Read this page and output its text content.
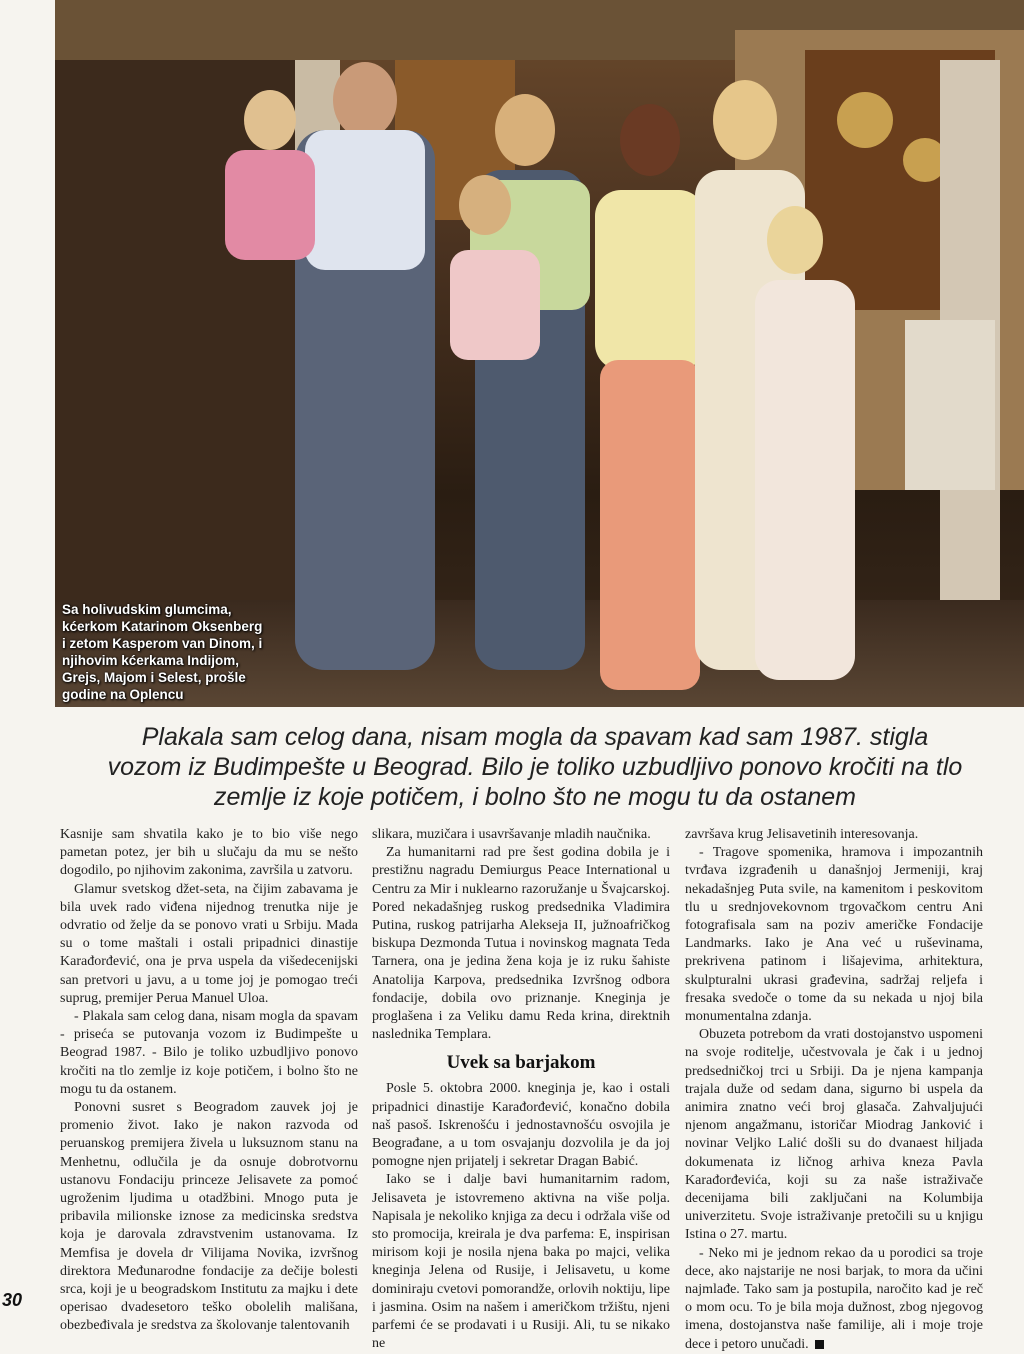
Sa holivudskim glumcima,
kćerkom Katarinom Oksenberg
i zetom Kasperom van Dinom, i
njihovim kćerkama Indijom,
Grejs, Majom i Selest, prošle
godine na Oplencu
Plakala sam celog dana, nisam mogla da spavam kad sam 1987. stigla
vozom iz Budimpešte u Beograd. Bilo je toliko uzbudljivo ponovo kročiti na tlo
zemlje iz koje potičem, i bolno što ne mogu tu da ostanem

Kasnije sam shvatila kako je to bio više nego pametan potez, jer bih u slučaju da mu se nešto dogodilo, po njihovim zakonima, završila u zatvoru.

Glamur svetskog džet-seta, na čijim zabavama je bila uvek rado viđena nijednog trenutka nije je odvratio od želje da se ponovo vrati u Srbiju. Mada su o tome maštali i ostali pripadnici dinastije Karađorđević, ona je prva uspela da višedecenijski san pretvori u javu, a u tome joj je pomogao treći suprug, premijer Perua Manuel Uloa.

- Plakala sam celog dana, nisam mogla da spavam - priseća se putovanja vozom iz Budimpešte u Beograd 1987. - Bilo je toliko uzbudljivo ponovo kročiti na tlo zemlje iz koje potičem, i bolno što ne mogu tu da ostanem.

Ponovni susret s Beogradom zauvek joj je promenio život. Iako je nakon razvoda od peruanskog premijera živela u luksuznom stanu na Menhetnu, odlučila je da osnuje dobrotvornu ustanovu Fondaciju princeze Jelisavete za pomoć ugroženim ljudima u otadžbini. Mnogo puta je pribavila milionske iznose za medicinska sredstva koja je darovala zdravstvenim ustanovama. Iz Memfisa je dovela dr Vilijama Novika, izvršnog direktora Međunarodne fondacije za dečije bolesti srca, koji je u beogradskom Institutu za majku i dete operisao dvadesetoro teško obolelih mališana, obezbeđivala je sredstva za školovanje talentovanih

slikara, muzičara i usavršavanje mladih naučnika.

Za humanitarni rad pre šest godina dobila je i prestižnu nagradu Demiurgus Peace International u Centru za Mir i nuklearno razoružanje u Švajcarskoj. Pored nekadašnjeg ruskog predsednika Vladimira Putina, ruskog patrijarha Alekseja II, južnoafričkog biskupa Dezmonda Tutua i novinskog magnata Teda Tarnera, ona je jedina žena koja je iz ruku šahiste Anatolija Karpova, predsednika Izvršnog odbora fondacije, dobila ovo priznanje. Kneginja je proglašena i za Veliku damu Reda krina, direktnih naslednika Templara.

Uvek sa barjakom

Posle 5. oktobra 2000. kneginja je, kao i ostali pripadnici dinastije Karađorđević, konačno dobila naš pasoš. Iskrenošću i jednostavnošću osvojila je Beograđane, a u tom osvajanju dozvolila je da joj pomogne njen prijatelj i sekretar Dragan Babić.

Iako se i dalje bavi humanitarnim radom, Jelisaveta je istovremeno aktivna na više polja. Napisala je nekoliko knjiga za decu i održala više od sto promocija, kreirala je dva parfema: E, inspirisan mirisom koji je nosila njena baka po majci, velika kneginja Jelena od Rusije, i Jelisavetu, u kome dominiraju cvetovi pomorandže, orlovih noktiju, lipe i jasmina. Osim na našem i američkom tržištu, njeni parfemi će se prodavati i u Rusiji. Ali, tu se nikako ne

završava krug Jelisavetinih interesovanja.

- Tragove spomenika, hramova i impozantnih tvrđava izgrađenih u današnjoj Jermeniji, kraj nekadašnjeg Puta svile, na kamenitom i peskovitom tlu u srednjovekovnom trgovačkom centru Ani fotografisala sam na poziv američke Fondacije Landmarks. Iako je Ana već u ruševinama, prekrivena patinom i lišajevima, arhitektura, skulpturalni ukrasi građevina, sadržaj reljefa i fresaka svedoče o tome da su nekada u njoj bila monumentalna zdanja.

Obuzeta potrebom da vrati dostojanstvo uspomeni na svoje roditelje, učestvovala je čak i u jednoj predsedničkoj trci u Srbiji. Da je njena kampanja trajala duže od sedam dana, sigurno bi uspela da animira znatno veći broj glasača. Zahvaljujući njenom angažmanu, istoričar Miodrag Janković i novinar Veljko Lalić došli su do dvanaest hiljada dokumenata iz ličnog arhiva kneza Pavla Karađorđevića, koji su za naše istraživače decenijama bili zaključani na Kolumbija univerzitetu. Svoje istraživanje pretočili su u knjigu Istina o 27. martu.

- Neko mi je jednom rekao da u porodici sa troje dece, ako najstarije ne nosi barjak, to mora da učini najmlađe. Tako sam ja postupila, naročito kad je reč o mom ocu. To je bila moja dužnost, zbog njegovog imena, dostojanstva naše familije, ali i moje troje dece i petoro unučadi.

30
